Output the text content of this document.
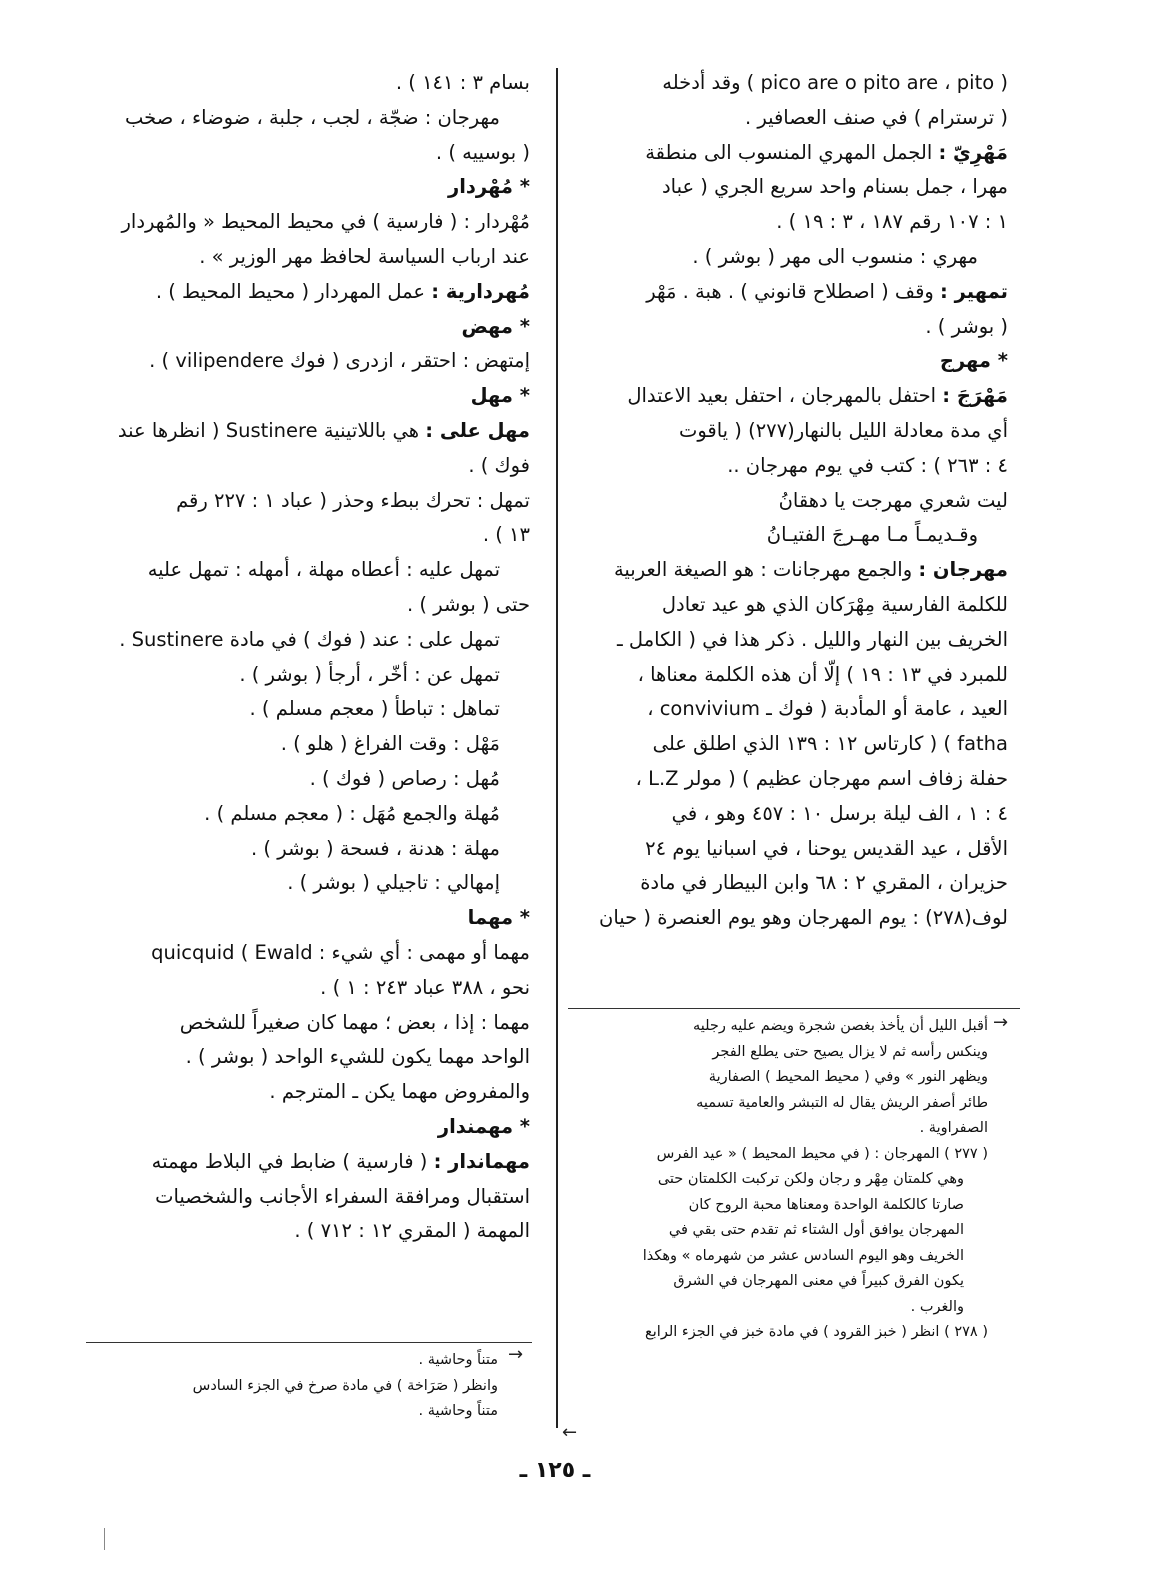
( pico are o pito are ، pito ) وقد أدخله
( ترسترام ) في صنف العصافير .
مَهْرِيّ : الجمل المهري المنسوب الى منطقة
مهرا ، جمل بسنام واحد سريع الجري ( عباد
١ : ١٠٧ رقم ١٨٧ ، ٣ : ١٩ ) .
مهري : منسوب الى مهر ( بوشر ) .
تمهير : وقف ( اصطلاح قانوني ) . هبة . مَهْر
( بوشر ) .
* مهرج
مَهْرَجَ : احتفل بالمهرجان ، احتفل بعيد الاعتدال
أي مدة معادلة الليل بالنهار(٢٧٧) ( ياقوت
٤ : ٢٦٣ ) : كتب في يوم مهرجان ..
ليت شعري مهرجت يا دهقانُ
وقـديمـاً مـا مهـرجَ الفتيـانُ
مهرجان : والجمع مهرجانات : هو الصيغة العربية
للكلمة الفارسية مِهْرَكان الذي هو عيد تعادل
الخريف بين النهار والليل . ذكر هذا في ( الكامل ـ
للمبرد في ١٣ : ١٩ ) إلّا أن هذه الكلمة معناها ،
العيد ، عامة أو المأدبة ( فوك ـ convivium ،
fatha ) ( كارتاس ١٢ : ١٣٩ الذي اطلق على
حفلة زفاف اسم مهرجان عظيم ) ( مولر L.Z ،
٤ : ١ ، الف ليلة برسل ١٠ : ٤٥٧ وهو ، في
الأقل ، عيد القديس يوحنا ، في اسبانيا يوم ٢٤
حزيران ، المقري ٢ : ٦٨ وابن البيطار في مادة
لوف(٢٧٨) : يوم المهرجان وهو يوم العنصرة ( حيان
بسام ٣ : ١٤١ ) .
مهرجان : ضجّة ، لجب ، جلبة ، ضوضاء ، صخب
( بوسييه ) .
* مُهْردار
مُهْردار : ( فارسية ) في محيط المحيط « والمُهردار
عند ارباب السياسة لحافظ مهر الوزير » .
مُهردارية : عمل المهردار ( محيط المحيط ) .
* مهض
إمتهض : احتقر ، ازدرى ( فوك vilipendere ) .
* مهل
مهل على : هي باللاتينية Sustinere ( انظرها عند
فوك ) .
تمهل : تحرك ببطء وحذر ( عباد ١ : ٢٢٧ رقم
١٣ ) .
تمهل عليه : أعطاه مهلة ، أمهله : تمهل عليه
حتى ( بوشر ) .
تمهل على : عند ( فوك ) في مادة Sustinere .
تمهل عن : أخّر ، أرجأ ( بوشر ) .
تماهل : تباطأ ( معجم مسلم ) .
مَهْل : وقت الفراغ ( هلو ) .
مُهل : رصاص ( فوك ) .
مُهلة والجمع مُهَل : ( معجم مسلم ) .
مهلة : هدنة ، فسحة ( بوشر ) .
إمهالي : تاجيلي ( بوشر ) .
* مهما
مهما أو مهمى : أي شيء : quicquid ( Ewald
نحو ، ٣٨٨ عباد ٢٤٣ : ١ ) .
مهما : إذا ، بعض ؛ مهما كان صغيراً للشخص
الواحد مهما يكون للشيء الواحد ( بوشر ) .
والمفروض مهما يكن ـ المترجم .
* مهمندار
مهماندار : ( فارسية ) ضابط في البلاط مهمته
استقبال ومرافقة السفراء الأجانب والشخصيات
المهمة ( المقري ١٢ : ٧١٢ ) .
→
أقبل الليل أن يأخذ بغصن شجرة ويضم عليه رجليه
وينكس رأسه ثم لا يزال يصيح حتى يطلع الفجر
ويظهر النور » وفي ( محيط المحيط ) الصفارية
طائر أصفر الريش يقال له التبشر والعامية تسميه
الصفراوية .
( ٢٧٧ ) المهرجان : ( في محيط المحيط ) « عيد الفرس
وهي كلمتان مِهْر و رجان ولكن تركبت الكلمتان حتى
صارتا كالكلمة الواحدة ومعناها محبة الروح كان
المهرجان يوافق أول الشتاء ثم تقدم حتى بقي في
الخريف وهو اليوم السادس عشر من شهرماه » وهكذا
يكون الفرق كبيراً في معنى المهرجان في الشرق
والغرب .
( ٢٧٨ ) انظر ( خبز القرود ) في مادة خبز في الجزء الرابع
→
متناً وحاشية .
وانظر ( صَرَاخة ) في مادة صرخ في الجزء السادس
متناً وحاشية .
←
ـ ١٢٥ ـ
